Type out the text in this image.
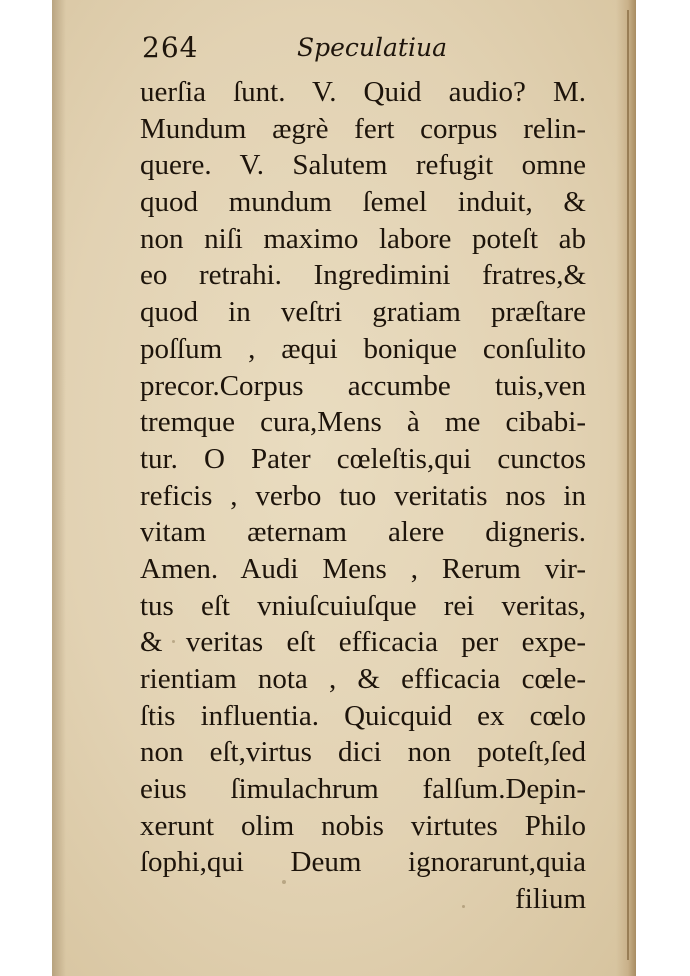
264	Speculatiua
uerſia ſunt. V. Quid audio? M.
Mundum ægrè fert corpus relin-
quere. V. Salutem refugit omne
quod mundum ſemel induit, &
non niſi maximo labore poteſt ab
eo retrahi. Ingredimini fratres,&
quod in veſtri gratiam præſtare
poſſum , æqui bonique conſulito
precor.Corpus accumbe tuis,ven
tremque cura,Mens à me cibabi-
tur. O Pater cœleſtis,qui cunctos
reficis , verbo tuo veritatis nos in
vitam æternam alere digneris.
Amen. Audi Mens , Rerum vir-
tus eſt vniuſcuiuſque rei veritas,
& veritas eſt efficacia per expe-
rientiam nota , & efficacia cœle-
ſtis influentia. Quicquid ex cœlo
non eſt,virtus dici non poteſt,ſed
eius ſimulachrum falſum.Depin-
xerunt olim nobis virtutes Philo
ſophi,qui Deum ignorarunt,quia
filium
